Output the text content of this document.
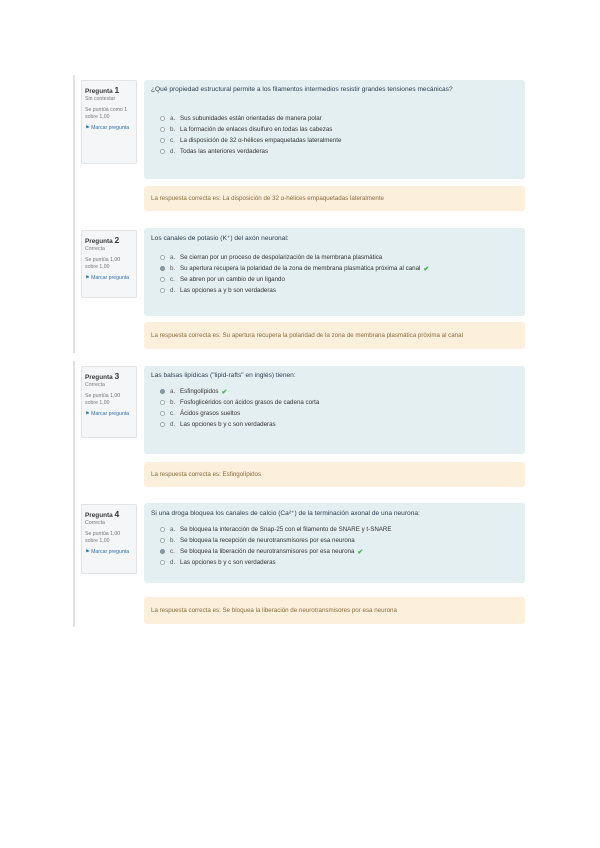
Pregunta 1
Sin contestar
Se puntúa como 1 sobre 1,00
⚑ Marcar pregunta
¿Qué propiedad estructural permite a los filamentos intermedios resistir grandes tensiones mecánicas?
a. Sus subunidades están orientadas de manera polar
b. La formación de enlaces disulfuro en todas las cabezas
c. La disposición de 32 α-hélices empaquetadas lateralmente
d. Todas las anteriores verdaderas
La respuesta correcta es: La disposición de 32 α-hélices empaquetadas lateralmente
Pregunta 2
Correcta
Se puntúa 1,00 sobre 1,00
⚑ Marcar pregunta
Los canales de potasio (K⁺) del axón neuronal:
a. Se cierran por un proceso de despolarización de la membrana plasmática
b. Su apertura recupera la polaridad de la zona de membrana plasmática próxima al canal ✔
c. Se abren por un cambio de un ligando
d. Las opciones a y b son verdaderas
La respuesta correcta es: Su apertura recupera la polaridad de la zona de membrana plasmática próxima al canal
Pregunta 3
Correcta
Se puntúa 1,00 sobre 1,00
⚑ Marcar pregunta
Las balsas lipídicas ("lipid-rafts" en inglés) tienen:
a. Esfingolípidos ✔
b. Fosfoglicéridos con ácidos grasos de cadena corta
c. Ácidos grasos sueltos
d. Las opciones b y c son verdaderas
La respuesta correcta es: Esfingolípidos
Pregunta 4
Correcta
Se puntúa 1,00 sobre 1,00
⚑ Marcar pregunta
Si una droga bloquea los canales de calcio (Ca²⁺) de la terminación axonal de una neurona:
a. Se bloquea la interacción de Snap-25 con el filamento de SNARE y t-SNARE
b. Se bloquea la recepción de neurotransmisores por esa neurona
c. Se bloquea la liberación de neurotransmisores por esa neurona ✔
d. Las opciones b y c son verdaderas
La respuesta correcta es: Se bloquea la liberación de neurotransmisores por esa neurona
